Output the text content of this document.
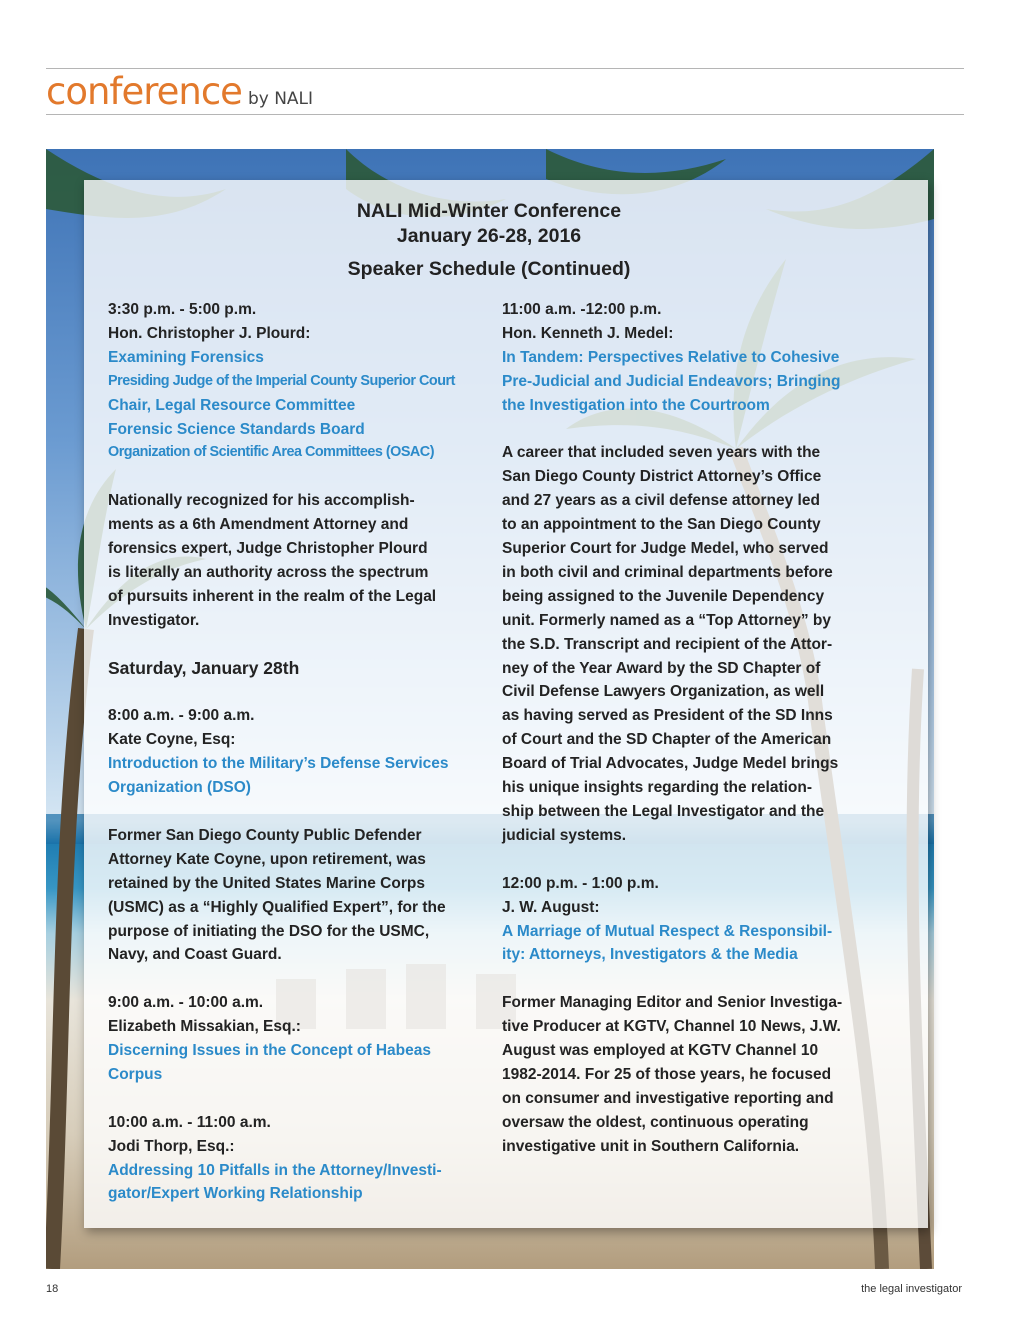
conference by NALI
NALI Mid-Winter Conference
January 26-28, 2016
Speaker Schedule (Continued)
3:30 p.m. - 5:00 p.m.
Hon. Christopher J. Plourd:
Examining Forensics
Presiding Judge of the Imperial County Superior Court
Chair, Legal Resource Committee
Forensic Science Standards Board
Organization of Scientific Area Committees (OSAC)
Nationally recognized for his accomplish-
ments as a 6th Amendment Attorney and
forensics expert, Judge Christopher Plourd
is literally an authority across the spectrum
of pursuits inherent in the realm of the Legal
Investigator.
Saturday, January 28th
8:00 a.m. - 9:00 a.m.
Kate Coyne, Esq:
Introduction to the Military’s Defense Services
Organization (DSO)
Former San Diego County Public Defender
Attorney Kate Coyne, upon retirement, was
retained by the United States Marine Corps
(USMC) as a “Highly Qualified Expert”, for the
purpose of initiating the DSO for the USMC,
Navy, and Coast Guard.
9:00 a.m. - 10:00 a.m.
Elizabeth Missakian, Esq.:
Discerning Issues in the Concept of Habeas
Corpus
10:00 a.m. - 11:00 a.m.
Jodi Thorp, Esq.:
Addressing 10 Pitfalls in the Attorney/Investi-
gator/Expert Working Relationship
11:00 a.m. -12:00 p.m.
Hon. Kenneth J. Medel:
In Tandem: Perspectives Relative to Cohesive
Pre-Judicial and Judicial Endeavors; Bringing
the Investigation into the Courtroom
A career that included seven years with the
San Diego County District Attorney’s Office
and 27 years as a civil defense attorney led
to an appointment to the San Diego County
Superior Court for Judge Medel, who served
in both civil and criminal departments before
being assigned to the Juvenile Dependency
unit. Formerly named as a “Top Attorney” by
the S.D. Transcript and recipient of the Attor-
ney of the Year Award by the SD Chapter of
Civil Defense Lawyers Organization, as well
as having served as President of the SD Inns
of Court and the SD Chapter of the American
Board of Trial Advocates, Judge Medel brings
his unique insights regarding the relation-
ship between the Legal Investigator and the
judicial systems.
12:00 p.m. - 1:00 p.m.
J. W. August:
A Marriage of Mutual Respect & Responsibil-
ity: Attorneys, Investigators & the Media
Former Managing Editor and Senior Investiga-
tive Producer at KGTV, Channel 10 News, J.W.
August was employed at KGTV Channel 10
1982-2014. For 25 of those years, he focused
on consumer and investigative reporting and
oversaw the oldest, continuous operating
investigative unit in Southern California.
18	the legal investigator
